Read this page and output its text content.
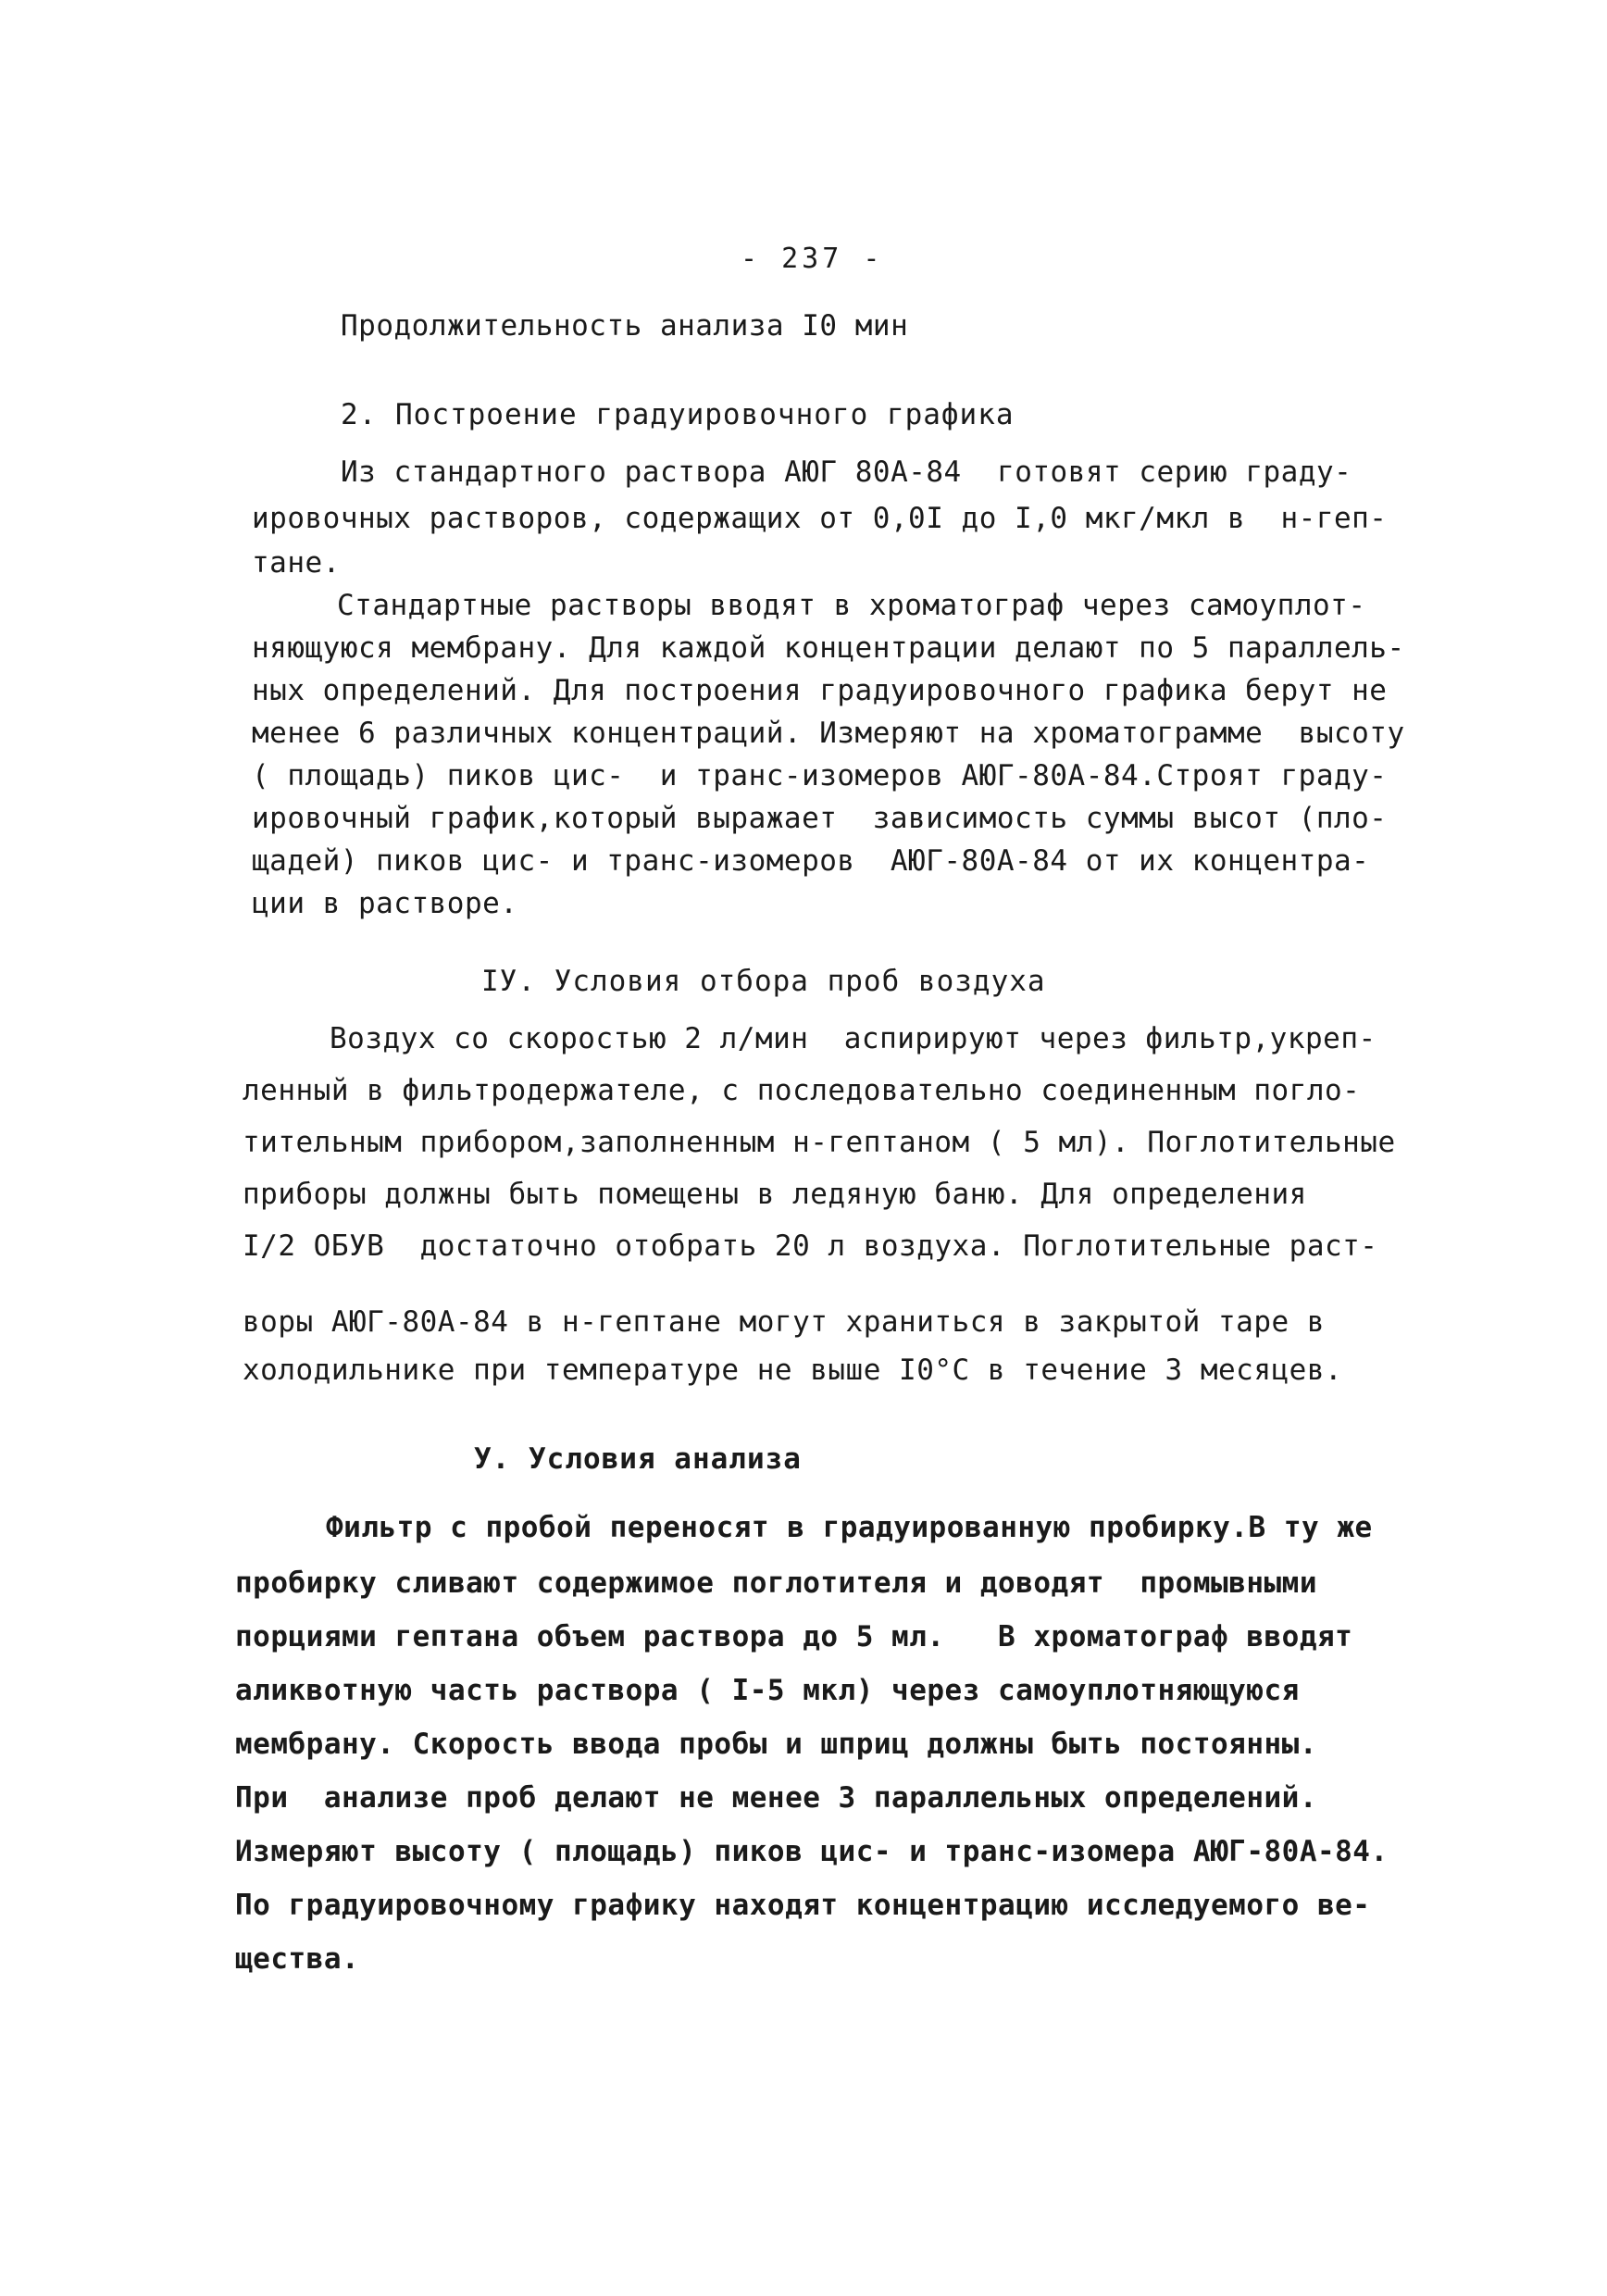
- 237 -
Продолжительность анализа I0 мин
2. Построение градуировочного графика
Из стандартного раствора АЮГ 80А-84  готовят серию граду-
ировочных растворов, содержащих от 0,0I до I,0 мкг/мкл в  н-геп-
тане.
Стандартные растворы вводят в хроматограф через самоуплот-
няющуюся мембрану. Для каждой концентрации делают по 5 параллель-
ных определений. Для построения градуировочного графика берут не
менее 6 различных концентраций. Измеряют на хроматограмме  высоту
( площадь) пиков цис-  и транс-изомеров АЮГ-80А-84.Строят граду-
ировочный график,который выражает  зависимость суммы высот (пло-
щадей) пиков цис- и транс-изомеров  АЮГ-80А-84 от их концентра-
ции в растворе.
IУ. Условия отбора проб воздуха
Воздух со скоростью 2 л/мин  аспирируют через фильтр,укреп-
ленный в фильтродержателе, с последовательно соединенным погло-
тительным прибором,заполненным н-гептаном ( 5 мл). Поглотительные
приборы должны быть помещены в ледяную баню. Для определения
I/2 ОБУВ  достаточно отобрать 20 л воздуха. Поглотительные раст-
воры АЮГ-80А-84 в н-гептане могут храниться в закрытой таре в
холодильнике при температуре не выше I0°С в течение 3 месяцев.
У. Условия анализа
Фильтр с пробой переносят в градуированную пробирку.В ту же
пробирку сливают содержимое поглотителя и доводят  промывными
порциями гептана объем раствора до 5 мл.   В хроматограф вводят
аликвотную часть раствора ( I-5 мкл) через самоуплотняющуюся
мембрану. Скорость ввода пробы и шприц должны быть постоянны.
При  анализе проб делают не менее 3 параллельных определений.
Измеряют высоту ( площадь) пиков цис- и транс-изомера АЮГ-80А-84.
По градуировочному графику находят концентрацию исследуемого ве-
щества.
